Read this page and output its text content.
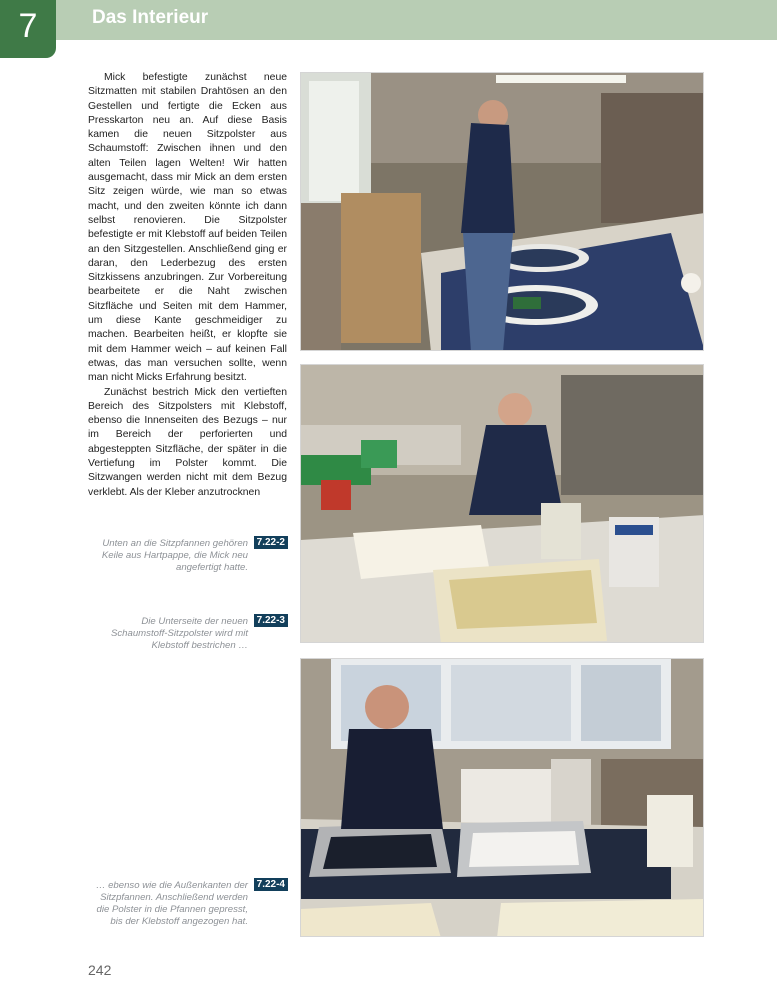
7	Das Interieur

Mick befestigte zunächst neue Sitzmatten mit stabilen Drahtösen an den Gestellen und fertigte die Ecken aus Presskarton neu an. Auf diese Basis kamen die neuen Sitzpolster aus Schaumstoff: Zwischen ihnen und den alten Teilen lagen Welten! Wir hatten ausgemacht, dass mir Mick an dem ersten Sitz zeigen würde, wie man so etwas macht, und den zweiten könnte ich dann selbst renovieren. Die Sitzpolster befestigte er mit Klebstoff auf beiden Teilen an den Sitzgestellen. Anschließend ging er daran, den Lederbezug des ersten Sitzkissens anzubringen. Zur Vorbereitung bearbeitete er die Naht zwischen Sitzfläche und Seiten mit dem Hammer, um diese Kante geschmeidiger zu machen. Bearbeiten heißt, er klopfte sie mit dem Hammer weich – auf keinen Fall etwas, das man versuchen sollte, wenn man nicht Micks Erfahrung besitzt.

Zunächst bestrich Mick den vertieften Bereich des Sitzpolsters mit Klebstoff, ebenso die Innenseiten des Bezugs – nur im Bereich der perforierten und abgesteppten Sitzfläche, der später in die Vertiefung im Polster kommt. Die Sitzwangen werden nicht mit dem Bezug verklebt. Als der Kleber anzutrocknen

Unten an die Sitzpfannen gehören Keile aus Hartpappe, die Mick neu angefertigt hatte.
7.22-2
Die Unterseite der neuen Schaumstoff-Sitzpolster wird mit Klebstoff bestrichen …
7.22-3
… ebenso wie die Außenkanten der Sitzpfannen. Anschließend werden die Polster in die Pfannen gepresst, bis der Klebstoff angezogen hat.
7.22-4
242
